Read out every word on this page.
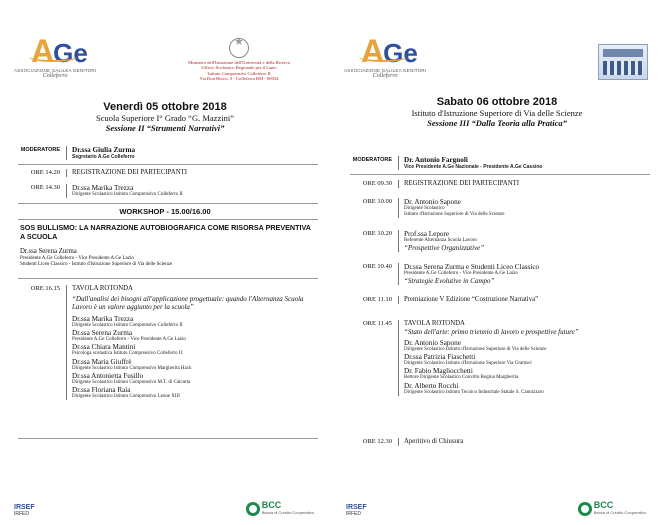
A
Ge
ASSOCIAZIONE GALILEA GENITORI
Colleferro
★
Ministero dell'Istruzione dell'Università e della Ricerca
Ufficio Scolastico Regionale per il Lazio
Istituto Comprensivo Colleferro II
Via Don Bosco, 3 - Colleferro RM - 00034
Venerdì 05 ottobre 2018
Scuola Superiore I° Grado “G. Mazzini”
Sessione II “Strumenti Narrativi”
MODERATORE	Dr.ssa Giulia Zurma
Segretario A.Ge Colleferro
ORE 14.20	REGISTRAZIONE DEI PARTECIPANTI
ORE 14.30	Dr.ssa Marika Trezza
Dirigente Scolastico Istituto Comprensivo Colleferro II
WORKSHOP - 15.00/16.00
SOS BULLISMO: LA NARRAZIONE AUTOBIOGRAFICA COME RISORSA PREVENTIVA A SCUOLA
Dr.ssa Serena Zurma
Presidente A.Ge Colleferro - Vice Presidente A.Ge Lazio
Studenti Liceo Classico - Istituto d'Istruzione Superiore di Via delle Scienze
ORE 16.15	TAVOLA ROTONDA
“Dall'analisi dei bisogni all'applicazione progettuale: quando l'Alternanza Scuola Lavoro è un valore aggiunto per la scuola”
Dr.ssa Marika Trezza
Dirigente Scolastico Istituto Comprensivo Colleferro II
Dr.ssa Serena Zurma
Presidente A.Ge Colleferro - Vice Presidente A.Ge Lazio
Dr.ssa Chiara Mantini
Psicologa scolastica Istituto Comprensivo Colleferro II
Dr.ssa Maria Giuffrè
Dirigente Scolastico Istituto Comprensivo Margherita Hack
Dr.ssa Antonietta Fusillo
Dirigente Scolastico Istituto Comprensivo M.T. di Calcutta
Dr.ssa Floriana Raia
Dirigente Scolastico Istituto Comprensivo Leone XIII
IRSEF
IRFED
BCC
Banca di Credito Cooperativo
A
Ge
ASSOCIAZIONE GALILEA GENITORI
Colleferro
Sabato 06 ottobre 2018
Istituto d'Istruzione Superiore di Via delle Scienze
Sessione III “Dalla Teoria alla Pratica”
MODERATORE	Dr. Antonio Fargnoli
Vice Presidente A.Ge Nazionale - Presidente A.Ge Cassino
ORE 09.30	REGISTRAZIONE DEI PARTECIPANTI
ORE 10.00	Dr. Antonio Sapone
Dirigente Scolastico
Istituto d'Istruzione Superiore di Via delle Scienze
ORE 10.20	Prof.ssa Lepore
Referente Alternanza Scuola Lavoro
“Prospettive Organizzative”
ORE 10.40	Dr.ssa Serena Zurma e Studenti Liceo Classico
Presidente A.Ge Colleferro - Vice Presidente A.Ge Lazio
“Strategie Evolutive in Campo”
ORE 11.10	Premiazione V Edizione “Costruzione Narrativa”
ORE 11.45	TAVOLA ROTONDA
“Stato dell'arte: primo triennio di lavoro e prospettive future”
Dr. Antonio Sapone
Dirigente Scolastico Istituto d'Istruzione Superiore di Via delle Scienze
Dr.ssa Patrizia Fiaschetti
Dirigente Scolastico Istituto d'Istruzione Superiore Via Gramsci
Dr. Fabio Magliocchetti
Rettore Dirigente Scolastico Convitto Regina Margherita
Dr. Alberto Rocchi
Dirigente Scolastico Istituto Tecnico Industriale Statale S. Cannizzaro
ORE 12.30	Aperitivo di Chiusura
IRSEF
IRFED
BCC
Banca di Credito Cooperativo
